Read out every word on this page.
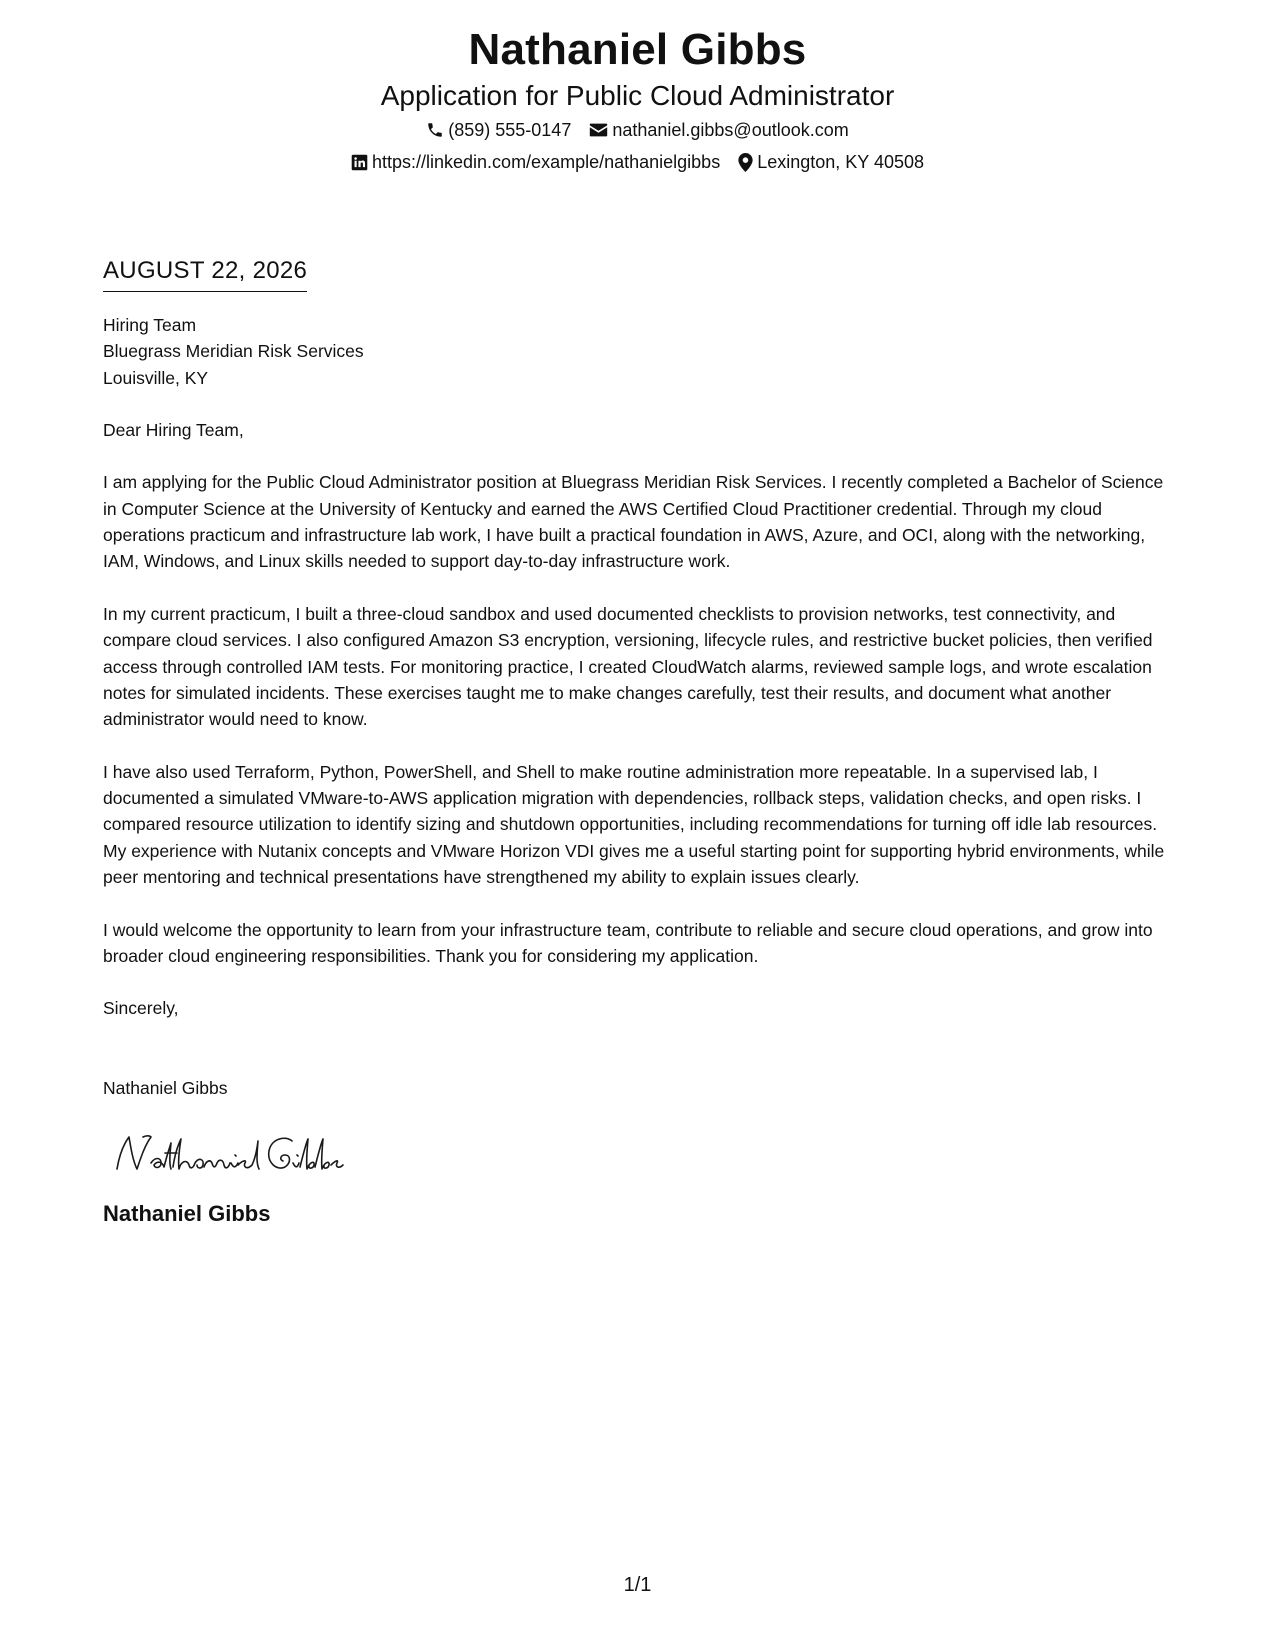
Nathaniel Gibbs
Application for Public Cloud Administrator
(859) 555-0147 nathaniel.gibbs@outlook.com
https://linkedin.com/example/nathanielgibbs Lexington, KY 40508
AUGUST 22, 2026
Hiring Team
Bluegrass Meridian Risk Services
Louisville, KY

Dear Hiring Team,

I am applying for the Public Cloud Administrator position at Bluegrass Meridian Risk Services. I recently completed a Bachelor of Science in Computer Science at the University of Kentucky and earned the AWS Certified Cloud Practitioner credential. Through my cloud operations practicum and infrastructure lab work, I have built a practical foundation in AWS, Azure, and OCI, along with the networking, IAM, Windows, and Linux skills needed to support day-to-day infrastructure work.

In my current practicum, I built a three-cloud sandbox and used documented checklists to provision networks, test connectivity, and compare cloud services. I also configured Amazon S3 encryption, versioning, lifecycle rules, and restrictive bucket policies, then verified access through controlled IAM tests. For monitoring practice, I created CloudWatch alarms, reviewed sample logs, and wrote escalation notes for simulated incidents. These exercises taught me to make changes carefully, test their results, and document what another administrator would need to know.

I have also used Terraform, Python, PowerShell, and Shell to make routine administration more repeatable. In a supervised lab, I documented a simulated VMware-to-AWS application migration with dependencies, rollback steps, validation checks, and open risks. I compared resource utilization to identify sizing and shutdown opportunities, including recommendations for turning off idle lab resources. My experience with Nutanix concepts and VMware Horizon VDI gives me a useful starting point for supporting hybrid environments, while peer mentoring and technical presentations have strengthened my ability to explain issues clearly.

I would welcome the opportunity to learn from your infrastructure team, contribute to reliable and secure cloud operations, and grow into broader cloud engineering responsibilities. Thank you for considering my application.

Sincerely,

Nathaniel Gibbs
Nathaniel Gibbs
1/1
